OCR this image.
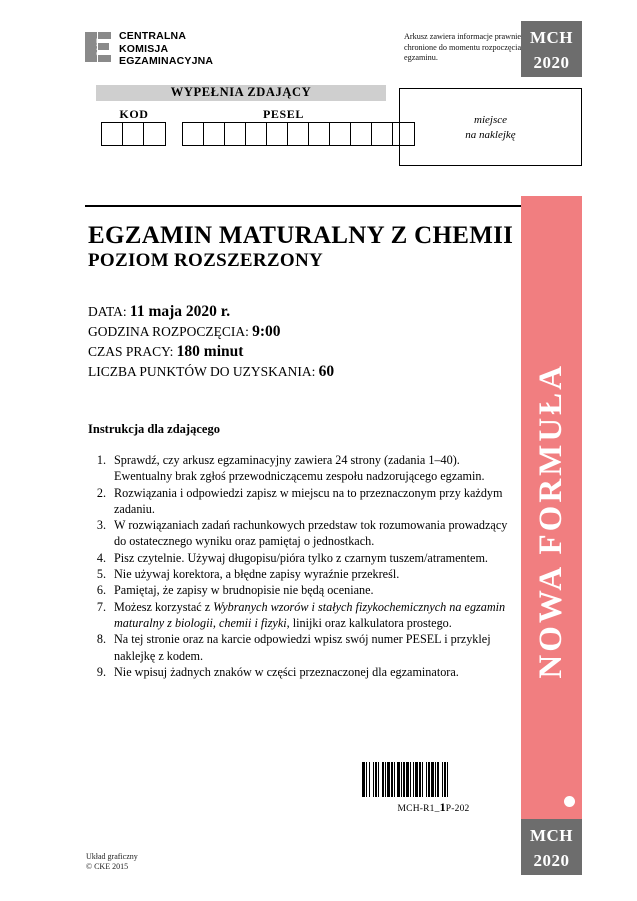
CENTRALNA
KOMISJA
EGZAMINACYJNA
Arkusz zawiera informacje prawnie chronione do momentu rozpoczęcia egzaminu.
MCH
2020
WYPEŁNIA ZDAJĄCY
KOD	PESEL	miejsce
na naklejkę
NOWA FORMUŁA
MCH
2020
EGZAMIN MATURALNY Z CHEMII
POZIOM ROZSZERZONY
DATA: 11 maja 2020 r.
GODZINA ROZPOCZĘCIA: 9:00
CZAS PRACY: 180 minut
LICZBA PUNKTÓW DO UZYSKANIA: 60
Instrukcja dla zdającego
1. Sprawdź, czy arkusz egzaminacyjny zawiera 24 strony (zadania 1–40). Ewentualny brak zgłoś przewodniczącemu zespołu nadzorującego egzamin.
2. Rozwiązania i odpowiedzi zapisz w miejscu na to przeznaczonym przy każdym zadaniu.
3. W rozwiązaniach zadań rachunkowych przedstaw tok rozumowania prowadzący do ostatecznego wyniku oraz pamiętaj o jednostkach.
4. Pisz czytelnie. Używaj długopisu/pióra tylko z czarnym tuszem/atramentem.
5. Nie używaj korektora, a błędne zapisy wyraźnie przekreśl.
6. Pamiętaj, że zapisy w brudnopisie nie będą oceniane.
7. Możesz korzystać z Wybranych wzorów i stałych fizykochemicznych na egzamin maturalny z biologii, chemii i fizyki, linijki oraz kalkulatora prostego.
8. Na tej stronie oraz na karcie odpowiedzi wpisz swój numer PESEL i przyklej naklejkę z kodem.
9. Nie wpisuj żadnych znaków w części przeznaczonej dla egzaminatora.
MCH-R1_1P-202
Układ graficzny
© CKE 2015
